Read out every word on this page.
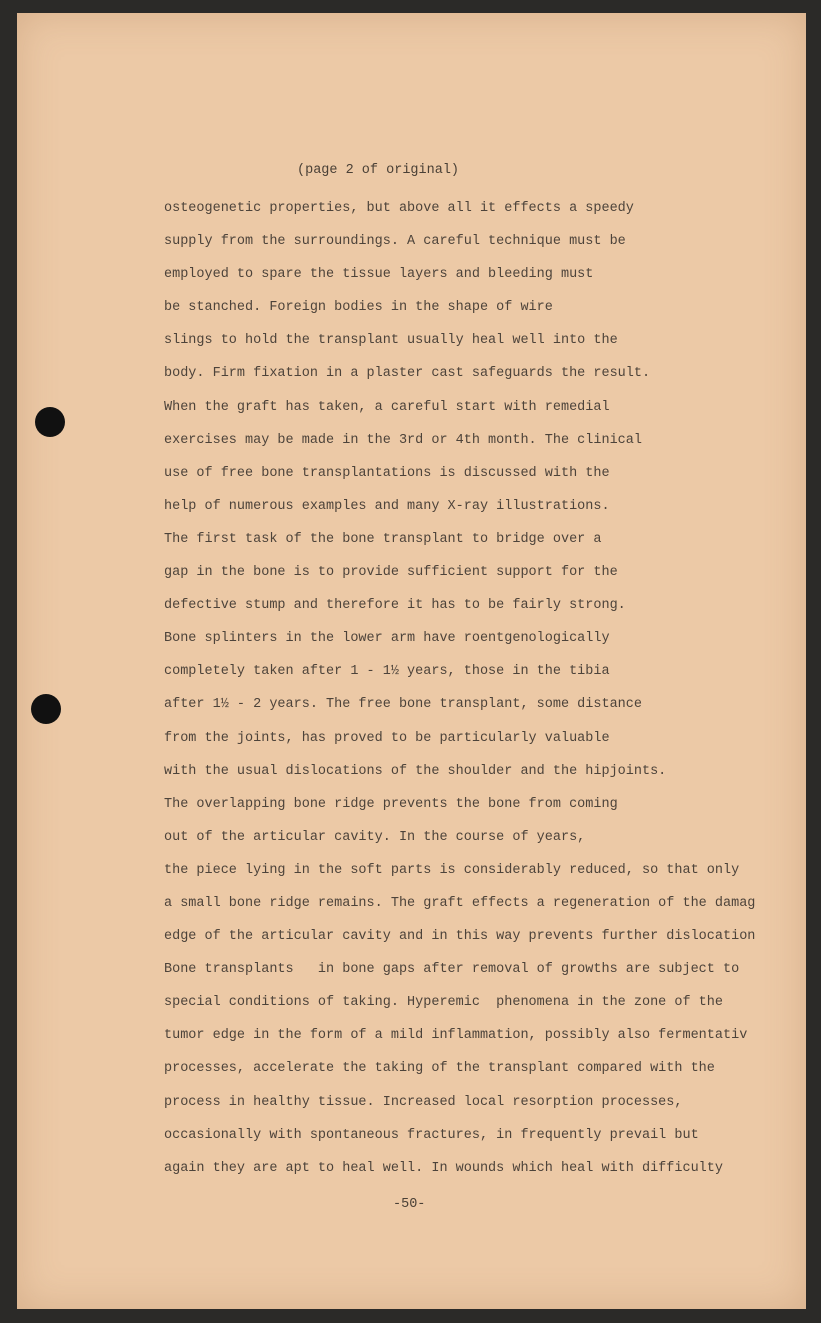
(page 2 of original)
osteogenetic properties, but above all it effects a speedy
supply from the surroundings. A careful technique must be
employed to spare the tissue layers and bleeding must
be stanched. Foreign bodies in the shape of wire
slings to hold the transplant usually heal well into the
body. Firm fixation in a plaster cast safeguards the result.
When the graft has taken, a careful start with remedial
exercises may be made in the 3rd or 4th month. The clinical
use of free bone transplantations is discussed with the
help of numerous examples and many X-ray illustrations.
The first task of the bone transplant to bridge over a
gap in the bone is to provide sufficient support for the
defective stump and therefore it has to be fairly strong.
Bone splinters in the lower arm have roentgenologically
completely taken after 1 - 1½ years, those in the tibia
after 1½ - 2 years. The free bone transplant, some distance
from the joints, has proved to be particularly valuable
with the usual dislocations of the shoulder and the hipjoints.
The overlapping bone ridge prevents the bone from coming
out of the articular cavity. In the course of years,
the piece lying in the soft parts is considerably reduced, so that only
a small bone ridge remains. The graft effects a regeneration of the damag
edge of the articular cavity and in this way prevents further dislocation
Bone transplants   in bone gaps after removal of growths are subject to
special conditions of taking. Hyperemic  phenomena in the zone of the
tumor edge in the form of a mild inflammation, possibly also fermentativ
processes, accelerate the taking of the transplant compared with the
process in healthy tissue. Increased local resorption processes,
occasionally with spontaneous fractures, in frequently prevail but
again they are apt to heal well. In wounds which heal with difficulty
-50-
